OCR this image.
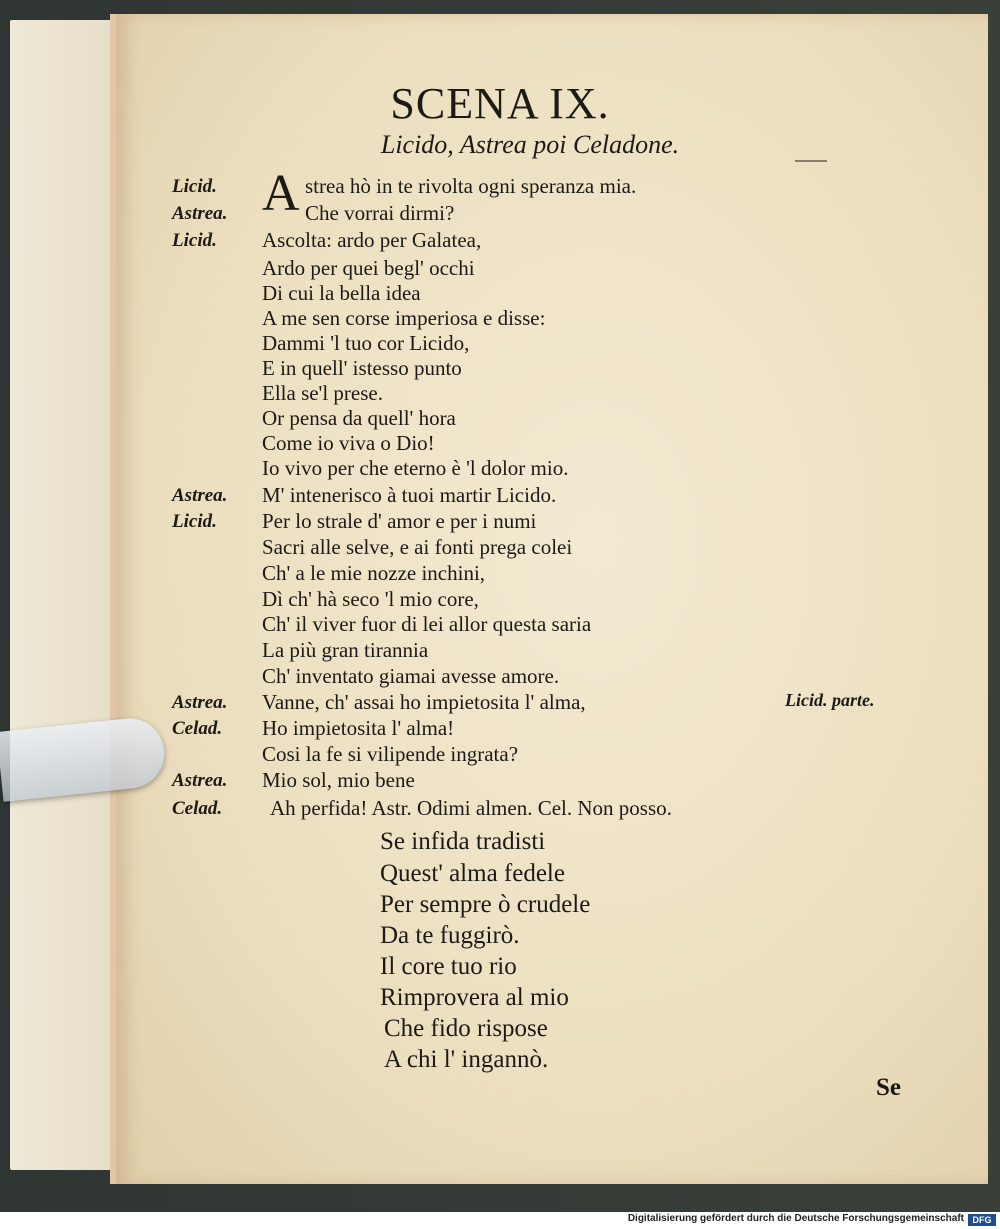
SCENA IX.
Licido, Astrea poi Celadone.
A
Licid.	strea hò in te rivolta ogni speranza mia.
Astrea.	Che vorrai dirmi?
Licid.	Ascolta: ardo per Galatea,
Ardo per quei begl' occhi
Di cui la bella idea
A me sen corse imperiosa e disse:
Dammi 'l tuo cor Licido,
E in quell' istesso punto
Ella se'l prese.
Or pensa da quell' hora
Come io viva o Dio!
Io vivo per che eterno è 'l dolor mio.
Astrea.	M' intenerisco à tuoi martir Licido.
Licid.	Per lo strale d' amor e per i numi
Sacri alle selve, e ai fonti prega colei
Ch' a le mie nozze inchini,
Dì ch' hà seco 'l mio core,
Ch' il viver fuor di lei allor questa saria
La più gran tirannia
Ch' inventato giamai avesse amore.
Astrea.	Vanne, ch' assai ho impietosita l' alma,	Licid. parte.
Celad.	Ho impietosita l' alma!
Cosi la fe si vilipende ingrata?
Astrea.	Mio sol, mio bene
Celad.	Ah perfida! Astr. Odimi almen. Cel. Non posso.
Se infida tradisti
Quest' alma fedele
Per sempre ò crudele
Da te fuggirò.
Il core tuo rio
Rimprovera al mio
Che fido rispose
A chi l' ingannò.
Se
Digitalisierung gefördert durch die Deutsche Forschungsgemeinschaft DFG
